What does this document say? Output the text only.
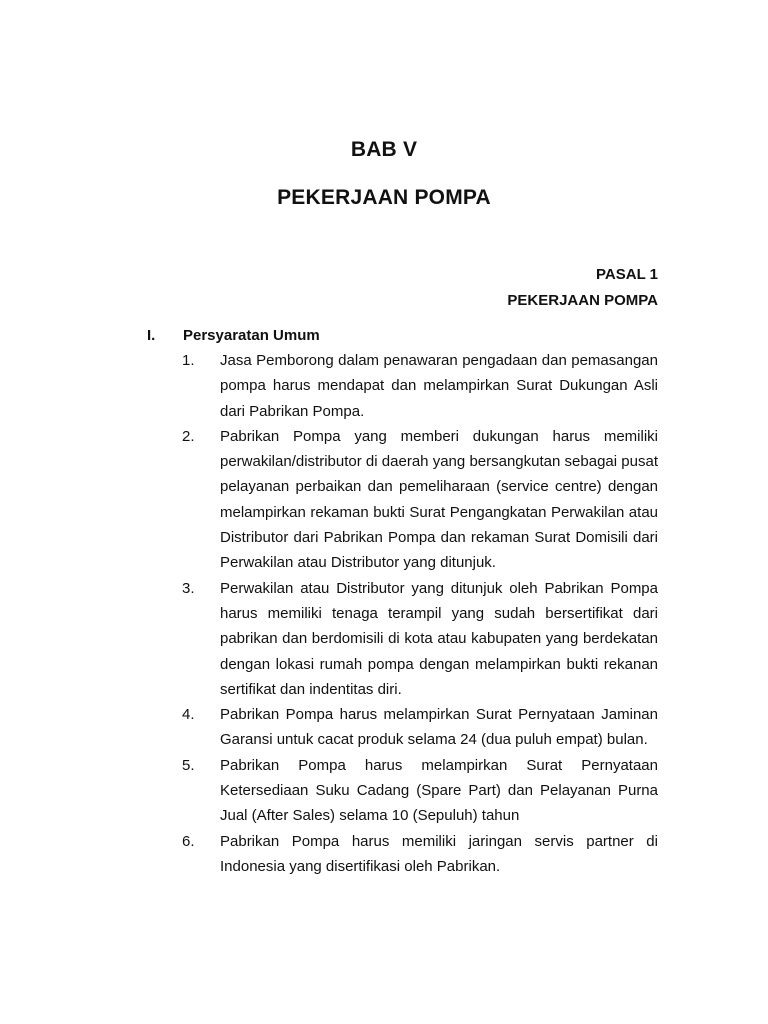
BAB V
PEKERJAAN POMPA
PASAL 1
PEKERJAAN POMPA
I. Persyaratan Umum
1.	Jasa Pemborong dalam penawaran pengadaan dan pemasangan pompa harus mendapat dan melampirkan Surat Dukungan Asli dari Pabrikan Pompa.
2.	Pabrikan Pompa yang memberi dukungan harus memiliki perwakilan/distributor di daerah yang bersangkutan sebagai pusat pelayanan perbaikan dan pemeliharaan (service centre) dengan melampirkan rekaman bukti Surat Pengangkatan Perwakilan atau Distributor dari Pabrikan Pompa dan rekaman Surat Domisili dari Perwakilan atau Distributor yang ditunjuk.
3.	Perwakilan atau Distributor yang ditunjuk oleh Pabrikan Pompa harus memiliki tenaga terampil yang sudah bersertifikat dari pabrikan dan berdomisili di kota atau kabupaten yang berdekatan dengan lokasi rumah pompa dengan melampirkan bukti rekanan sertifikat dan indentitas diri.
4.	Pabrikan Pompa harus melampirkan Surat Pernyataan Jaminan Garansi untuk cacat produk selama 24 (dua puluh empat) bulan.
5.	Pabrikan Pompa harus melampirkan Surat Pernyataan Ketersediaan Suku Cadang (Spare Part) dan Pelayanan Purna Jual (After Sales) selama 10 (Sepuluh) tahun
6.	Pabrikan Pompa harus memiliki jaringan servis partner di Indonesia yang disertifikasi oleh Pabrikan.
